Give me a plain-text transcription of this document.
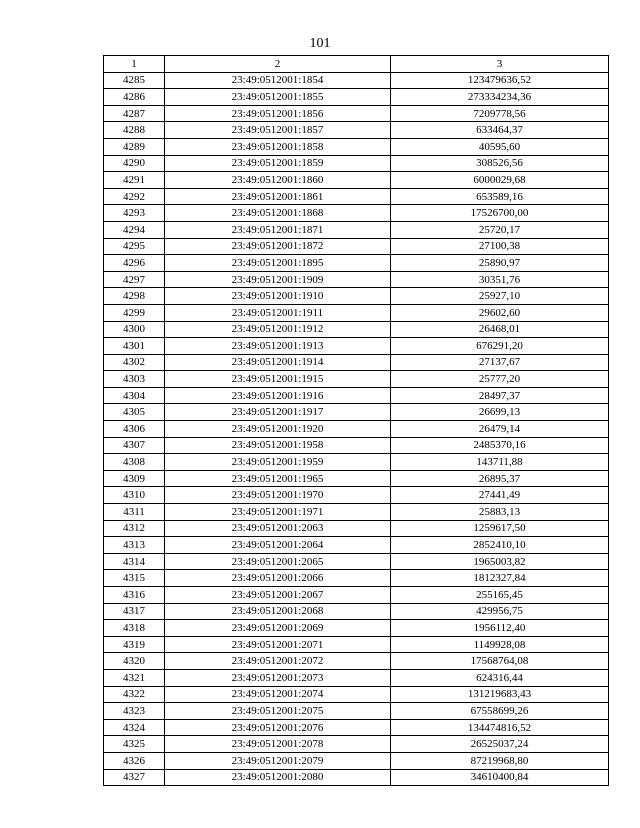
101
1	2	3
4285	23:49:0512001:1854	123479636,52
4286	23:49:0512001:1855	273334234,36
4287	23:49:0512001:1856	7209778,56
4288	23:49:0512001:1857	633464,37
4289	23:49:0512001:1858	40595,60
4290	23:49:0512001:1859	308526,56
4291	23:49:0512001:1860	6000029,68
4292	23:49:0512001:1861	653589,16
4293	23:49:0512001:1868	17526700,00
4294	23:49:0512001:1871	25720,17
4295	23:49:0512001:1872	27100,38
4296	23:49:0512001:1895	25890,97
4297	23:49:0512001:1909	30351,76
4298	23:49:0512001:1910	25927,10
4299	23:49:0512001:1911	29602,60
4300	23:49:0512001:1912	26468,01
4301	23:49:0512001:1913	676291,20
4302	23:49:0512001:1914	27137,67
4303	23:49:0512001:1915	25777,20
4304	23:49:0512001:1916	28497,37
4305	23:49:0512001:1917	26699,13
4306	23:49:0512001:1920	26479,14
4307	23:49:0512001:1958	2485370,16
4308	23:49:0512001:1959	143711,88
4309	23:49:0512001:1965	26895,37
4310	23:49:0512001:1970	27441,49
4311	23:49:0512001:1971	25883,13
4312	23:49:0512001:2063	1259617,50
4313	23:49:0512001:2064	2852410,10
4314	23:49:0512001:2065	1965003,82
4315	23:49:0512001:2066	1812327,84
4316	23:49:0512001:2067	255165,45
4317	23:49:0512001:2068	429956,75
4318	23:49:0512001:2069	1956112,40
4319	23:49:0512001:2071	1149928,08
4320	23:49:0512001:2072	17568764,08
4321	23:49:0512001:2073	624316,44
4322	23:49:0512001:2074	131219683,43
4323	23:49:0512001:2075	67558699,26
4324	23:49:0512001:2076	134474816,52
4325	23:49:0512001:2078	26525037,24
4326	23:49:0512001:2079	87219968,80
4327	23:49:0512001:2080	34610400,84
